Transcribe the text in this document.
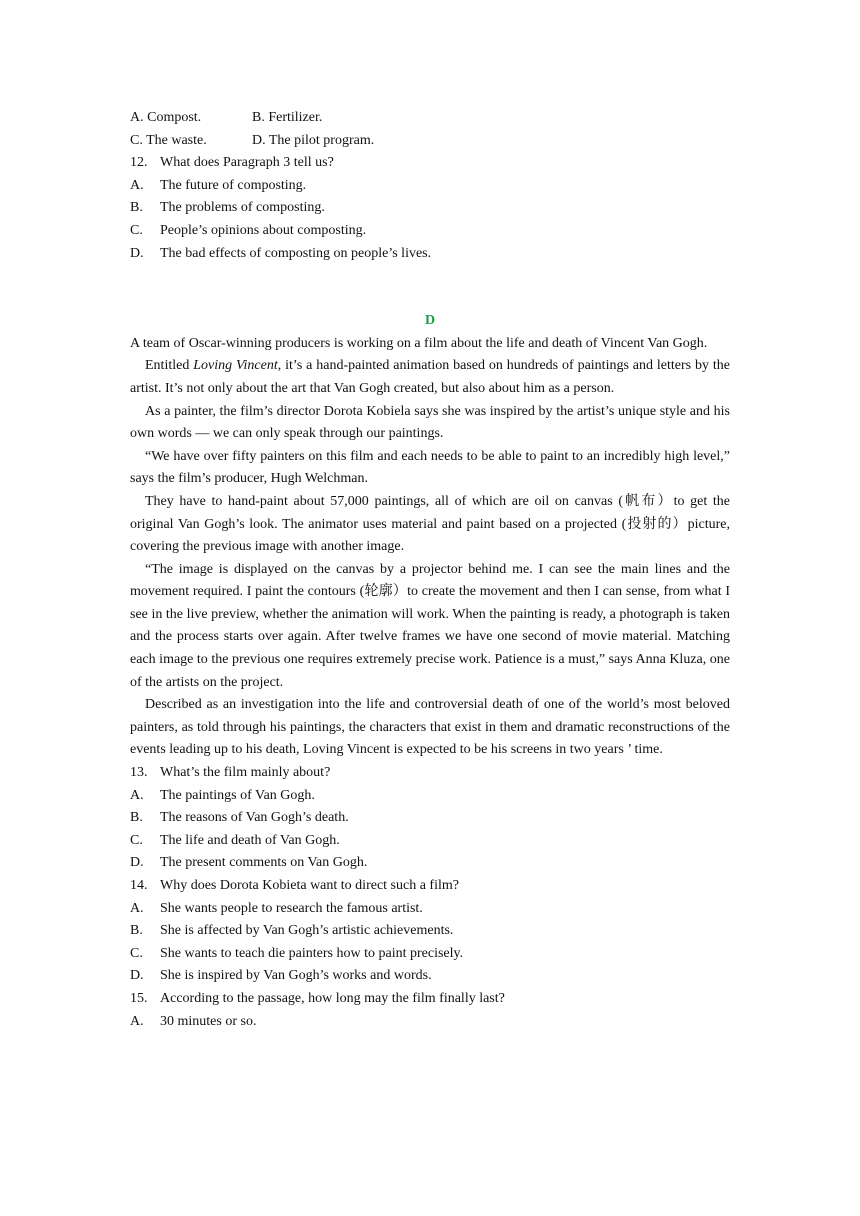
A. Compost.	B. Fertilizer.
C. The waste.	D. The pilot program.
12. What does Paragraph 3 tell us?
A.	The future of composting.
B.	The problems of composting.
C.	People’s opinions about composting.
D.	The bad effects of composting on people’s lives.
D
A team of Oscar-winning producers is working on a film about the life and death of Vincent Van Gogh.
Entitled Loving Vincent, it’s a hand-painted animation based on hundreds of paintings and letters by the artist. It’s not only about the art that Van Gogh created, but also about him as a person.
As a painter, the film’s director Dorota Kobiela says she was inspired by the artist’s unique style and his own words — we can only speak through our paintings.
“We have over fifty painters on this film and each needs to be able to paint to an incredibly high level,” says the film’s producer, Hugh Welchman.
They have to hand-paint about 57,000 paintings, all of which are oil on canvas (帆布）to get the original Van Gogh’s look. The animator uses material and paint based on a projected (投射的）picture, covering the previous image with another image.
“The image is displayed on the canvas by a projector behind me. I can see the main lines and the movement required. I paint the contours (轮廓）to create the movement and then I can sense, from what I see in the live preview, whether the animation will work. When the painting is ready, a photograph is taken and the process starts over again. After twelve frames we have one second of movie material. Matching each image to the previous one requires extremely precise work. Patience is a must,” says Anna Kluza, one of the artists on the project.
Described as an investigation into the life and controversial death of one of the world’s most beloved painters, as told through his paintings, the characters that exist in them and dramatic reconstructions of the events leading up to his death, Loving Vincent is expected to be his screens in two years ’ time.
13. What’s the film mainly about?
A.	The paintings of Van Gogh.
B.	The reasons of Van Gogh’s death.
C.	The life and death of Van Gogh.
D.	The present comments on Van Gogh.
14. Why does Dorota Kobieta want to direct such a film?
A.	She wants people to research the famous artist.
B.	She is affected by Van Gogh’s artistic achievements.
C.	She wants to teach die painters how to paint precisely.
D.	She is inspired by Van Gogh’s works and words.
15. According to the passage, how long may the film finally last?
A.	30 minutes or so.
